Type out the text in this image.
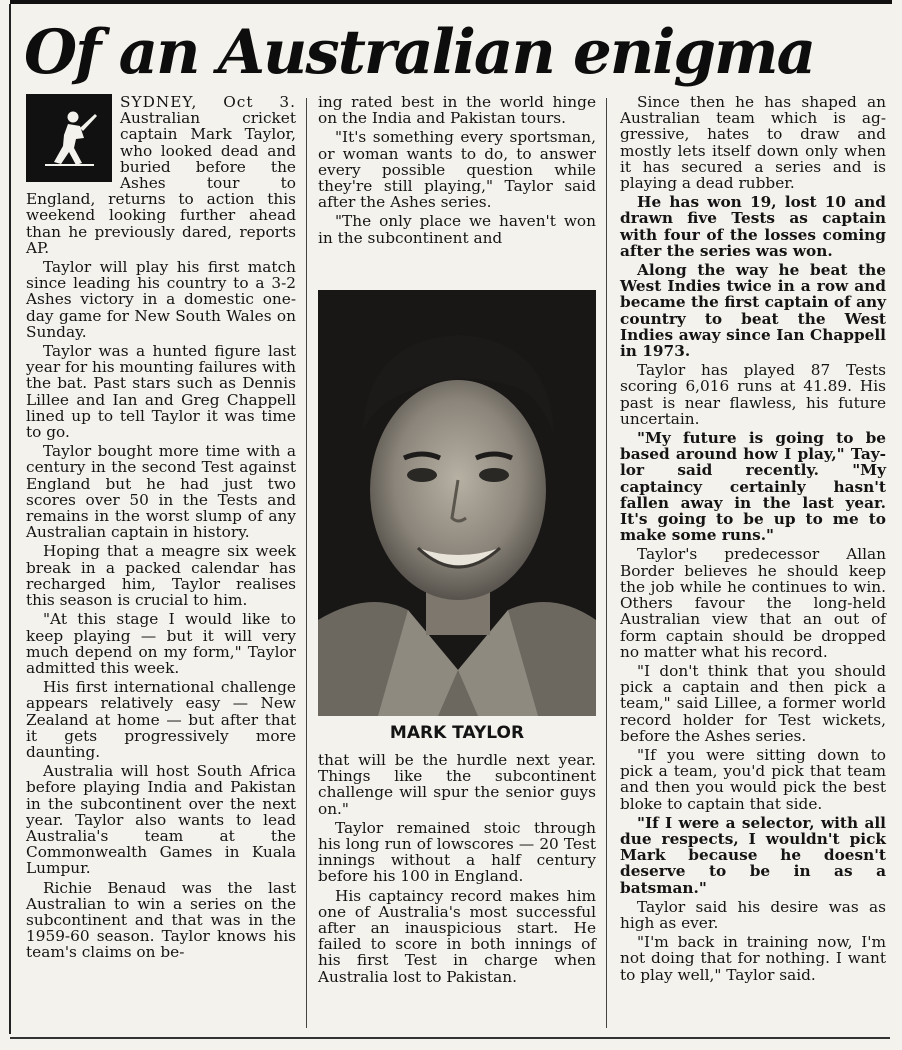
Of an Australian enigma

SYDNEY, Oct 3. Australian cricket captain Mark Taylor, who looked dead and buried before the Ashes tour to England, returns to action this weekend looking further ahead than he previously dared, reports AP.

Taylor will play his first match since leading his country to a 3-2 Ashes victory in a domestic one-day game for New South Wales on Sunday.

Taylor was a hunted figure last year for his mounting failures with the bat. Past stars such as Dennis Lillee and Ian and Greg Chappell lined up to tell Taylor it was time to go.

Taylor bought more time with a century in the second Test against England but he had just two scores over 50 in the Tests and remains in the worst slump of any Australian captain in history.

Hoping that a meagre six week break in a packed calendar has recharged him, Taylor realises this season is crucial to him.

"At this stage I would like to keep playing — but it will very much depend on my form," Taylor admitted this week.

His first international challenge appears relatively easy — New Zealand at home — but after that it gets progressively more daunting.

Australia will host South Africa before playing India and Pakistan in the subcontinent over the next year. Taylor also wants to lead Australia's team at the Commonwealth Games in Kuala Lumpur.

Richie Benaud was the last Australian to win a series on the subcontinent and that was in the 1959-60 season. Taylor knows his team's claims on be-

ing rated best in the world hinge on the India and Pakistan tours.

"It's something every sportsman, or woman wants to do, to answer every possible question while they're still playing," Taylor said after the Ashes series.

"The only place we haven't won in the subcontinent and

MARK TAYLOR

that will be the hurdle next year. Things like the subcontinent challenge will spur the senior guys on."

Taylor remained stoic through his long run of lowscores — 20 Test innings without a half century before his 100 in England.

His captaincy record makes him one of Australia's most successful after an inauspicious start. He failed to score in both innings of his first Test in charge when Australia lost to Pakistan.

Since then he has shaped an Australian team which is aggressive, hates to draw and mostly lets itself down only when it has secured a series and is playing a dead rubber.

He has won 19, lost 10 and drawn five Tests as captain with four of the losses coming after the series was won.

Along the way he beat the West Indies twice in a row and became the first captain of any country to beat the West Indies away since Ian Chappell in 1973.

Taylor has played 87 Tests scoring 6,016 runs at 41.89. His past is near flawless, his future uncertain.

"My future is going to be based around how I play," Taylor said recently. "My captaincy certainly hasn't fallen away in the last year. It's going to be up to me to make some runs."

Taylor's predecessor Allan Border believes he should keep the job while he continues to win. Others favour the long-held Australian view that an out of form captain should be dropped no matter what his record.

"I don't think that you should pick a captain and then pick a team," said Lillee, a former world record holder for Test wickets, before the Ashes series.

"If you were sitting down to pick a team, you'd pick that team and then you would pick the best bloke to captain that side.

"If I were a selector, with all due respects, I wouldn't pick Mark because he doesn't deserve to be in as a batsman."

Taylor said his desire was as high as ever.

"I'm back in training now, I'm not doing that for nothing. I want to play well," Taylor said.
